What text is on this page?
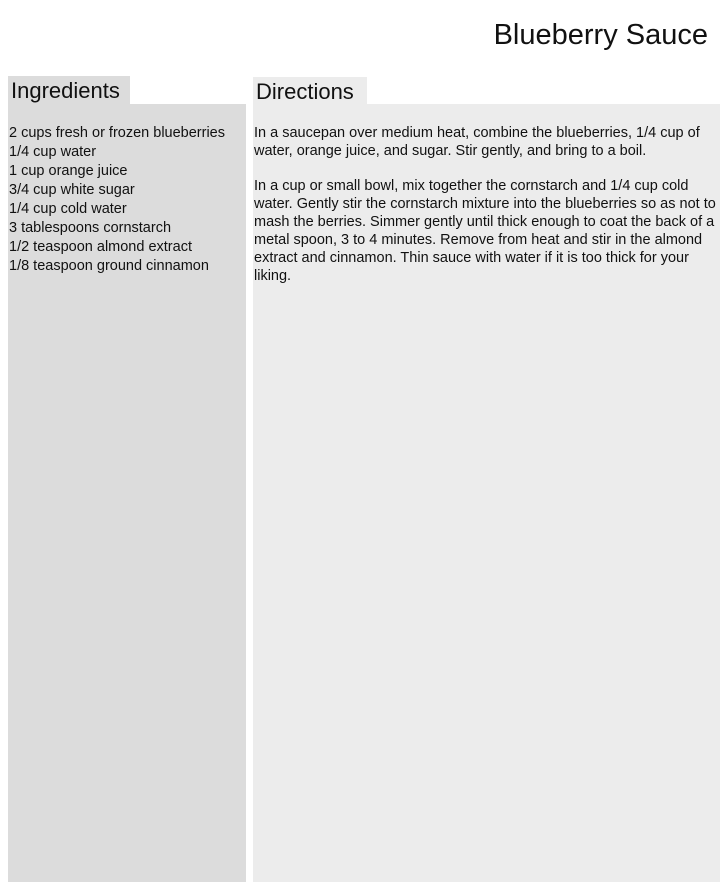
Blueberry Sauce
Ingredients	Directions
2 cups fresh or frozen blueberries
1/4 cup water
1 cup orange juice
3/4 cup white sugar
1/4 cup cold water
3 tablespoons cornstarch
1/2 teaspoon almond extract
1/8 teaspoon ground cinnamon

In a saucepan over medium heat, combine the blueberries, 1/4 cup of water, orange juice, and sugar. Stir gently, and bring to a boil.

In a cup or small bowl, mix together the cornstarch and 1/4 cup cold water. Gently stir the cornstarch mixture into the blueberries so as not to mash the berries. Simmer gently until thick enough to coat the back of a metal spoon, 3 to 4 minutes. Remove from heat and stir in the almond extract and cinnamon. Thin sauce with water if it is too thick for your liking.
